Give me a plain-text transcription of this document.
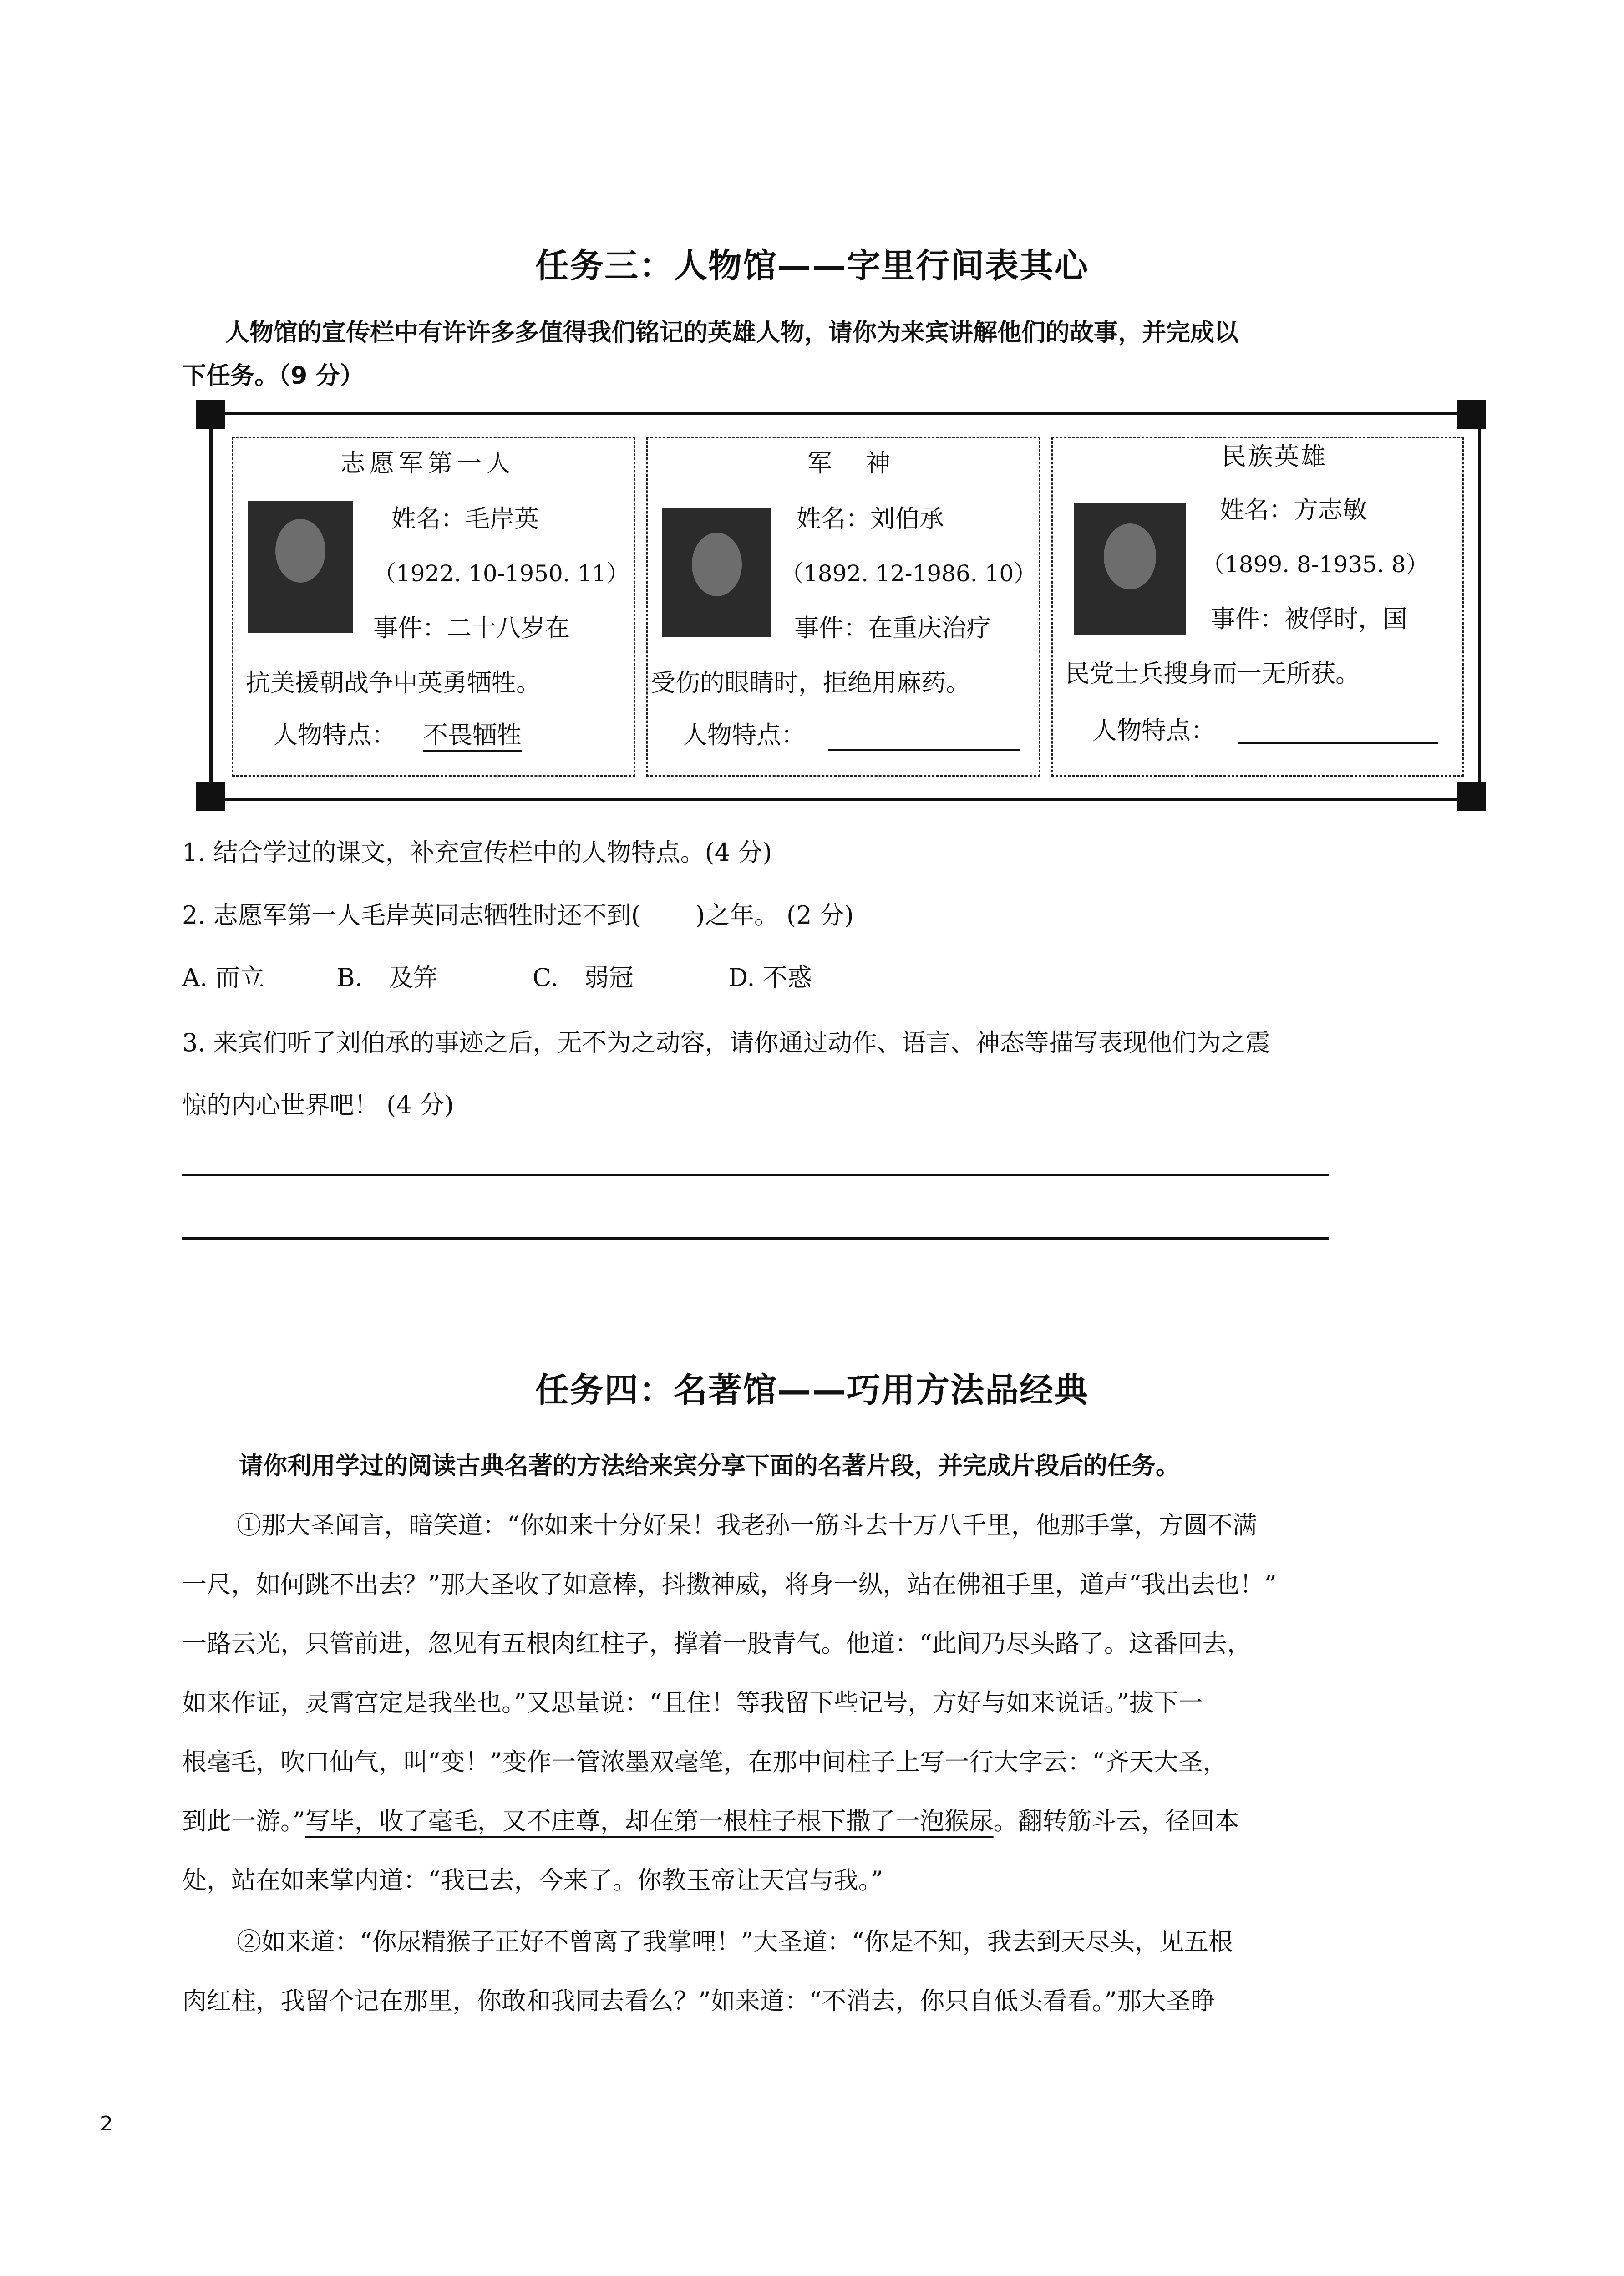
任务三：人物馆——字里行间表其心
人物馆的宣传栏中有许许多多值得我们铭记的英雄人物，请你为来宾讲解他们的故事，并完成以
下任务。（9 分）
志愿军第一人
姓名：毛岸英
（1922. 10-1950. 11）
事件：二十八岁在
抗美援朝战争中英勇牺牲。
人物特点： 不畏牺牲
军　神
姓名：刘伯承
（1892. 12-1986. 10）
事件：在重庆治疗
受伤的眼睛时，拒绝用麻药。
人物特点：
民族英雄
姓名：方志敏
（1899. 8-1935. 8）
事件：被俘时，国
民党士兵搜身而一无所获。
人物特点：
1. 结合学过的课文，补充宣传栏中的人物特点。(4 分)
2. 志愿军第一人毛岸英同志牺牲时还不到( )之年。 (2 分)
A. 而立	B. 及笄	C. 弱冠	D. 不惑
3. 来宾们听了刘伯承的事迹之后，无不为之动容，请你通过动作、语言、神态等描写表现他们为之震
惊的内心世界吧！ (4 分)
任务四：名著馆——巧用方法品经典
请你利用学过的阅读古典名著的方法给来宾分享下面的名著片段，并完成片段后的任务。
①那大圣闻言，暗笑道：“你如来十分好呆！我老孙一筋斗去十万八千里，他那手掌，方圆不满
一尺，如何跳不出去？”那大圣收了如意棒，抖擞神威，将身一纵，站在佛祖手里，道声“我出去也！”
一路云光，只管前进，忽见有五根肉红柱子，撑着一股青气。他道：“此间乃尽头路了。这番回去，
如来作证，灵霄宫定是我坐也。”又思量说：“且住！等我留下些记号，方好与如来说话。”拔下一
根毫毛，吹口仙气，叫“变！”变作一管浓墨双毫笔，在那中间柱子上写一行大字云：“齐天大圣，
到此一游。”写毕，收了毫毛，又不庄尊，却在第一根柱子根下撒了一泡猴尿。翻转筋斗云，径回本
处，站在如来掌内道：“我已去，今来了。你教玉帝让天宫与我。”
②如来道：“你尿精猴子正好不曾离了我掌哩！”大圣道：“你是不知，我去到天尽头，见五根
肉红柱，我留个记在那里，你敢和我同去看么？”如来道：“不消去，你只自低头看看。”那大圣睁
2
